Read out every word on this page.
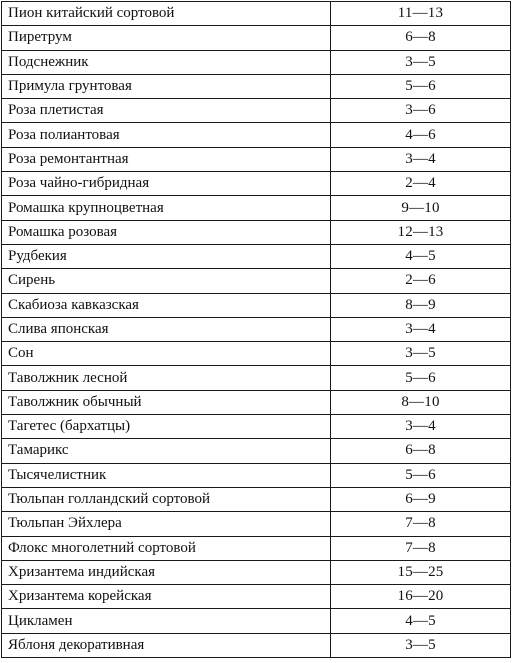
Пион китайский сортовой	11—13
Пиретрум	6—8
Подснежник	3—5
Примула грунтовая	5—6
Роза плетистая	3—6
Роза полиантовая	4—6
Роза ремонтантная	3—4
Роза чайно-гибридная	2—4
Ромашка крупноцветная	9—10
Ромашка розовая	12—13
Рудбекия	4—5
Сирень	2—6
Скабиоза кавказская	8—9
Слива японская	3—4
Сон	3—5
Таволжник лесной	5—6
Таволжник обычный	8—10
Тагетес (бархатцы)	3—4
Тамарикс	6—8
Тысячелистник	5—6
Тюльпан голландский сортовой	6—9
Тюльпан Эйхлера	7—8
Флокс многолетний сортовой	7—8
Хризантема индийская	15—25
Хризантема корейская	16—20
Цикламен	4—5
Яблоня декоративная	3—5
